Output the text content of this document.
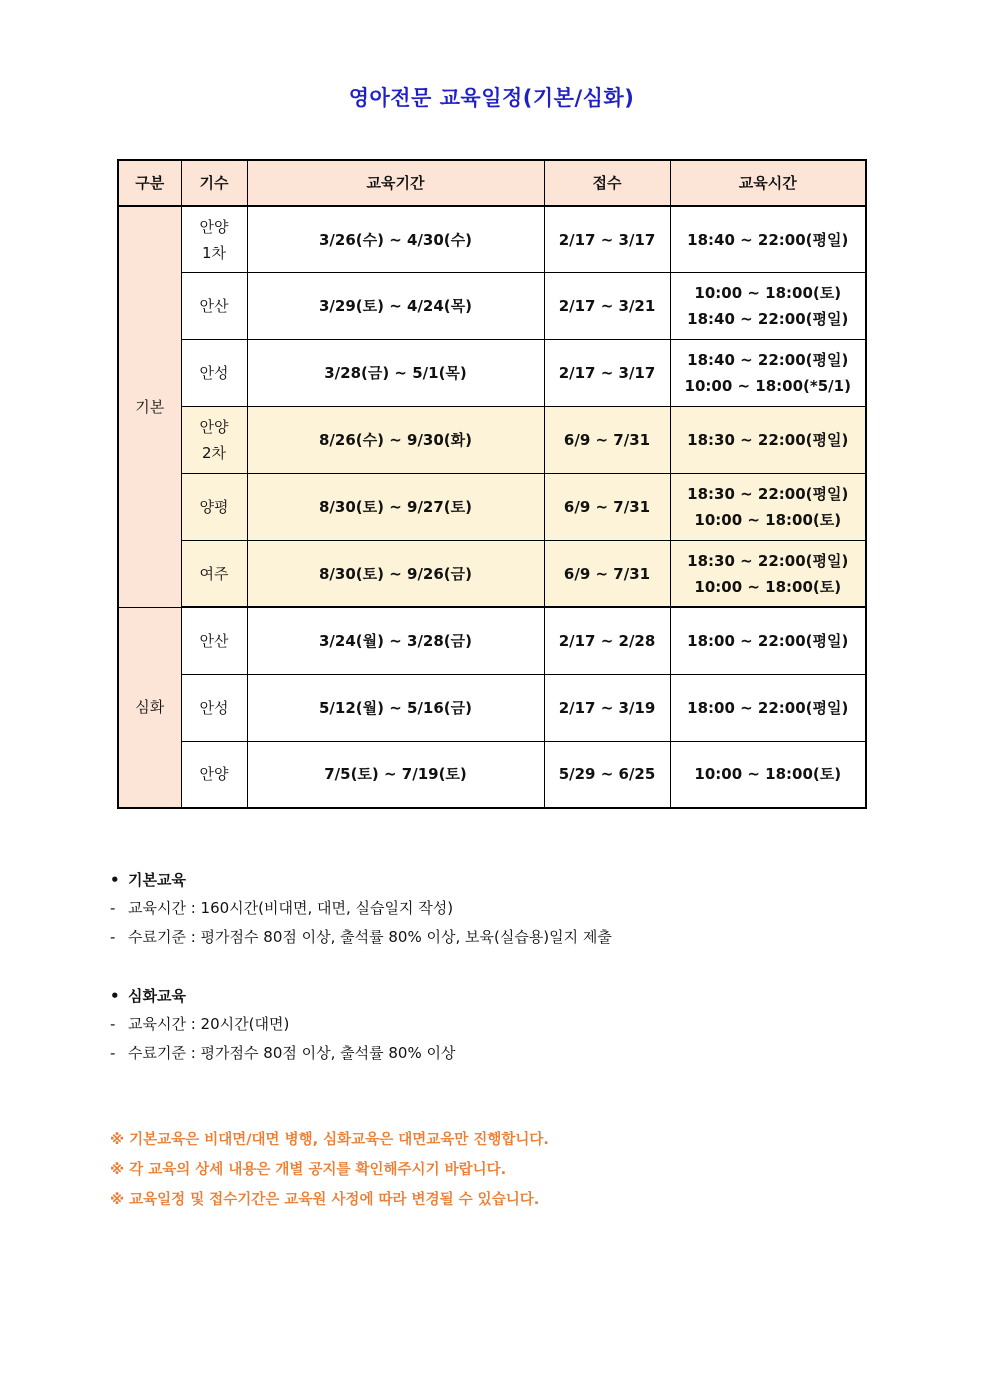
영아전문 교육일정(기본/심화)
구분	기수	교육기간	접수	교육시간
기본	안양
1차	3/26(수) ~ 4/30(수)	2/17 ~ 3/17	18:40 ~ 22:00(평일)

	안산	3/29(토) ~ 4/24(목)	2/17 ~ 3/21	10:00 ~ 18:00(토)
18:40 ~ 22:00(평일)

	안성	3/28(금) ~ 5/1(목)	2/17 ~ 3/17	18:40 ~ 22:00(평일)
10:00 ~ 18:00(*5/1)

	안양
2차	8/26(수) ~ 9/30(화)	6/9 ~ 7/31	18:30 ~ 22:00(평일)

	양평	8/30(토) ~ 9/27(토)	6/9 ~ 7/31	18:30 ~ 22:00(평일)
10:00 ~ 18:00(토)

	여주	8/30(토) ~ 9/26(금)	6/9 ~ 7/31	18:30 ~ 22:00(평일)
10:00 ~ 18:00(토)

심화	안산	3/24(월) ~ 3/28(금)	2/17 ~ 2/28	18:00 ~ 22:00(평일)

	안성	5/12(월) ~ 5/16(금)	2/17 ~ 3/19	18:00 ~ 22:00(평일)

	안양	7/5(토) ~ 7/19(토)	5/29 ~ 6/25	10:00 ~ 18:00(토)
• 기본교육
- 교육시간 : 160시간(비대면, 대면, 실습일지 작성)
- 수료기준 : 평가점수 80점 이상, 출석률 80% 이상, 보육(실습용)일지 제출
• 심화교육
- 교육시간 : 20시간(대면)
- 수료기준 : 평가점수 80점 이상, 출석률 80% 이상
※ 기본교육은 비대면/대면 병행, 심화교육은 대면교육만 진행합니다.
※ 각 교육의 상세 내용은 개별 공지를 확인해주시기 바랍니다.
※ 교육일정 및 접수기간은 교육원 사정에 따라 변경될 수 있습니다.
